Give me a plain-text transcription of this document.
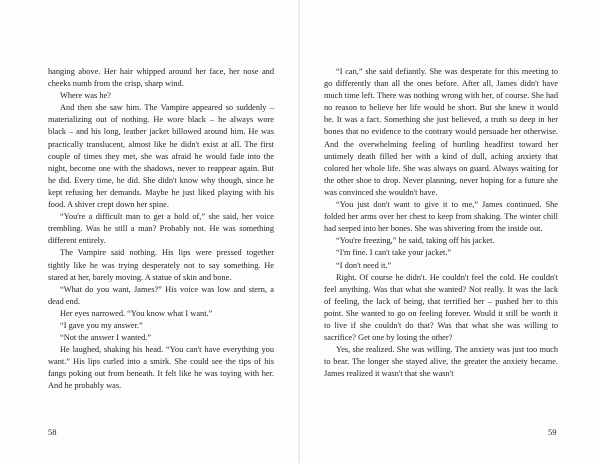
hanging above. Her hair whipped around her face, her nose and cheeks numb from the crisp, sharp wind.

Where was he?

And then she saw him. The Vampire appeared so suddenly – materializing out of nothing. He wore black – he always wore black – and his long, leather jacket billowed around him. He was practically translucent, almost like he didn't exist at all. The first couple of times they met, she was afraid he would fade into the night, become one with the shadows, never to reappear again. But he did. Every time, he did. She didn't know why though, since he kept refusing her demands. Maybe he just liked playing with his food. A shiver crept down her spine.

“You're a difficult man to get a hold of,” she said, her voice trembling. Was he still a man? Probably not. He was something different entirely.

The Vampire said nothing. His lips were pressed together tightly like he was trying desperately not to say something. He stared at her, barely moving. A statue of skin and bone.

“What do you want, James?” His voice was low and stern, a dead end.

Her eyes narrowed. “You know what I want.”

“I gave you my answer.”

“Not the answer I wanted.”

He laughed, shaking his head. “You can't have everything you want.” His lips curled into a smirk. She could see the tips of his fangs poking out from beneath. It felt like he was toying with her. And he probably was.

58

“I can,” she said defiantly. She was desperate for this meeting to go differently than all the ones before. After all, James didn't have much time left. There was nothing wrong with her, of course. She had no reason to believe her life would be short. But she knew it would be. It was a fact. Something she just believed, a truth so deep in her bones that no evidence to the contrary would persuade her otherwise. And the overwhelming feeling of hurtling headfirst toward her untimely death filled her with a kind of dull, aching anxiety that colored her whole life. She was always on guard. Always waiting for the other shoe to drop. Never planning, never hoping for a future she was convinced she wouldn't have.

“You just don't want to give it to me,” James continued. She folded her arms over her chest to keep from shaking. The winter chill had seeped into her bones. She was shivering from the inside out.

“You're freezing,” he said, taking off his jacket.

“I'm fine. I can't take your jacket.”

“I don't need it.”

Right. Of course he didn't. He couldn't feel the cold. He couldn't feel anything. Was that what she wanted? Not really. It was the lack of feeling, the lack of being, that terrified her – pushed her to this point. She wanted to go on feeling forever. Would it still be worth it to live if she couldn't do that? Was that what she was willing to sacrifice? Get one by losing the other?

Yes, she realized. She was willing. The anxiety was just too much to bear. The longer she stayed alive, the greater the anxiety became. James realized it wasn't that she wasn't

59
